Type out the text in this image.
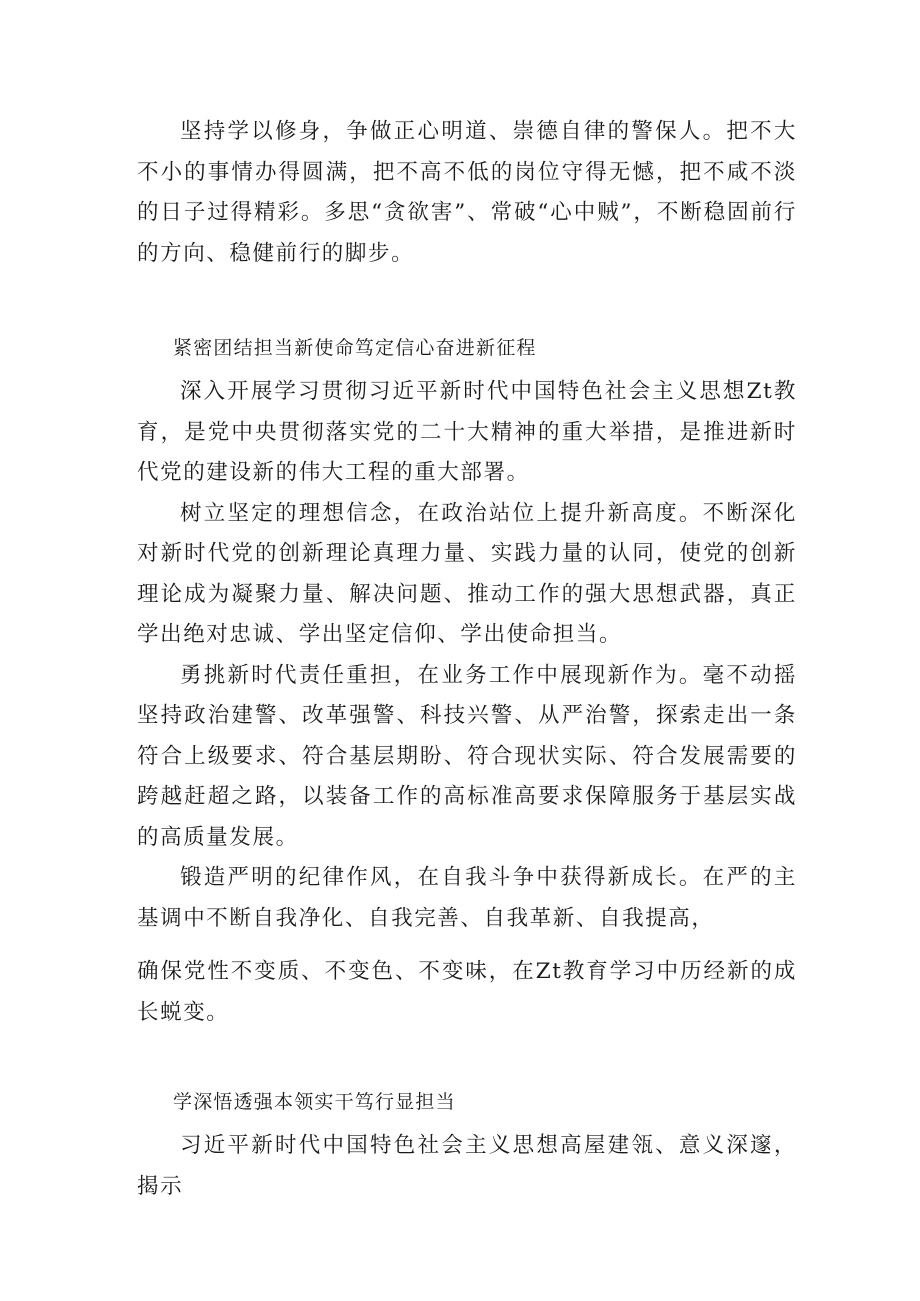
坚持学以修身，争做正心明道、崇德自律的警保人。把不大不小的事情办得圆满，把不高不低的岗位守得无憾，把不咸不淡的日子过得精彩。多思“贪欲害”、常破“心中贼”，不断稳固前行的方向、稳健前行的脚步。

紧密团结担当新使命笃定信心奋进新征程

深入开展学习贯彻习近平新时代中国特色社会主义思想Zt教育，是党中央贯彻落实党的二十大精神的重大举措，是推进新时代党的建设新的伟大工程的重大部署。

树立坚定的理想信念，在政治站位上提升新高度。不断深化对新时代党的创新理论真理力量、实践力量的认同，使党的创新理论成为凝聚力量、解决问题、推动工作的强大思想武器，真正学出绝对忠诚、学出坚定信仰、学出使命担当。

勇挑新时代责任重担，在业务工作中展现新作为。毫不动摇坚持政治建警、改革强警、科技兴警、从严治警，探索走出一条符合上级要求、符合基层期盼、符合现状实际、符合发展需要的跨越赶超之路，以装备工作的高标准高要求保障服务于基层实战的高质量发展。

锻造严明的纪律作风，在自我斗争中获得新成长。在严的主基调中不断自我净化、自我完善、自我革新、自我提高，

确保党性不变质、不变色、不变味，在Zt教育学习中历经新的成长蜕变。

学深悟透强本领实干笃行显担当

习近平新时代中国特色社会主义思想高屋建瓴、意义深邃，揭示
